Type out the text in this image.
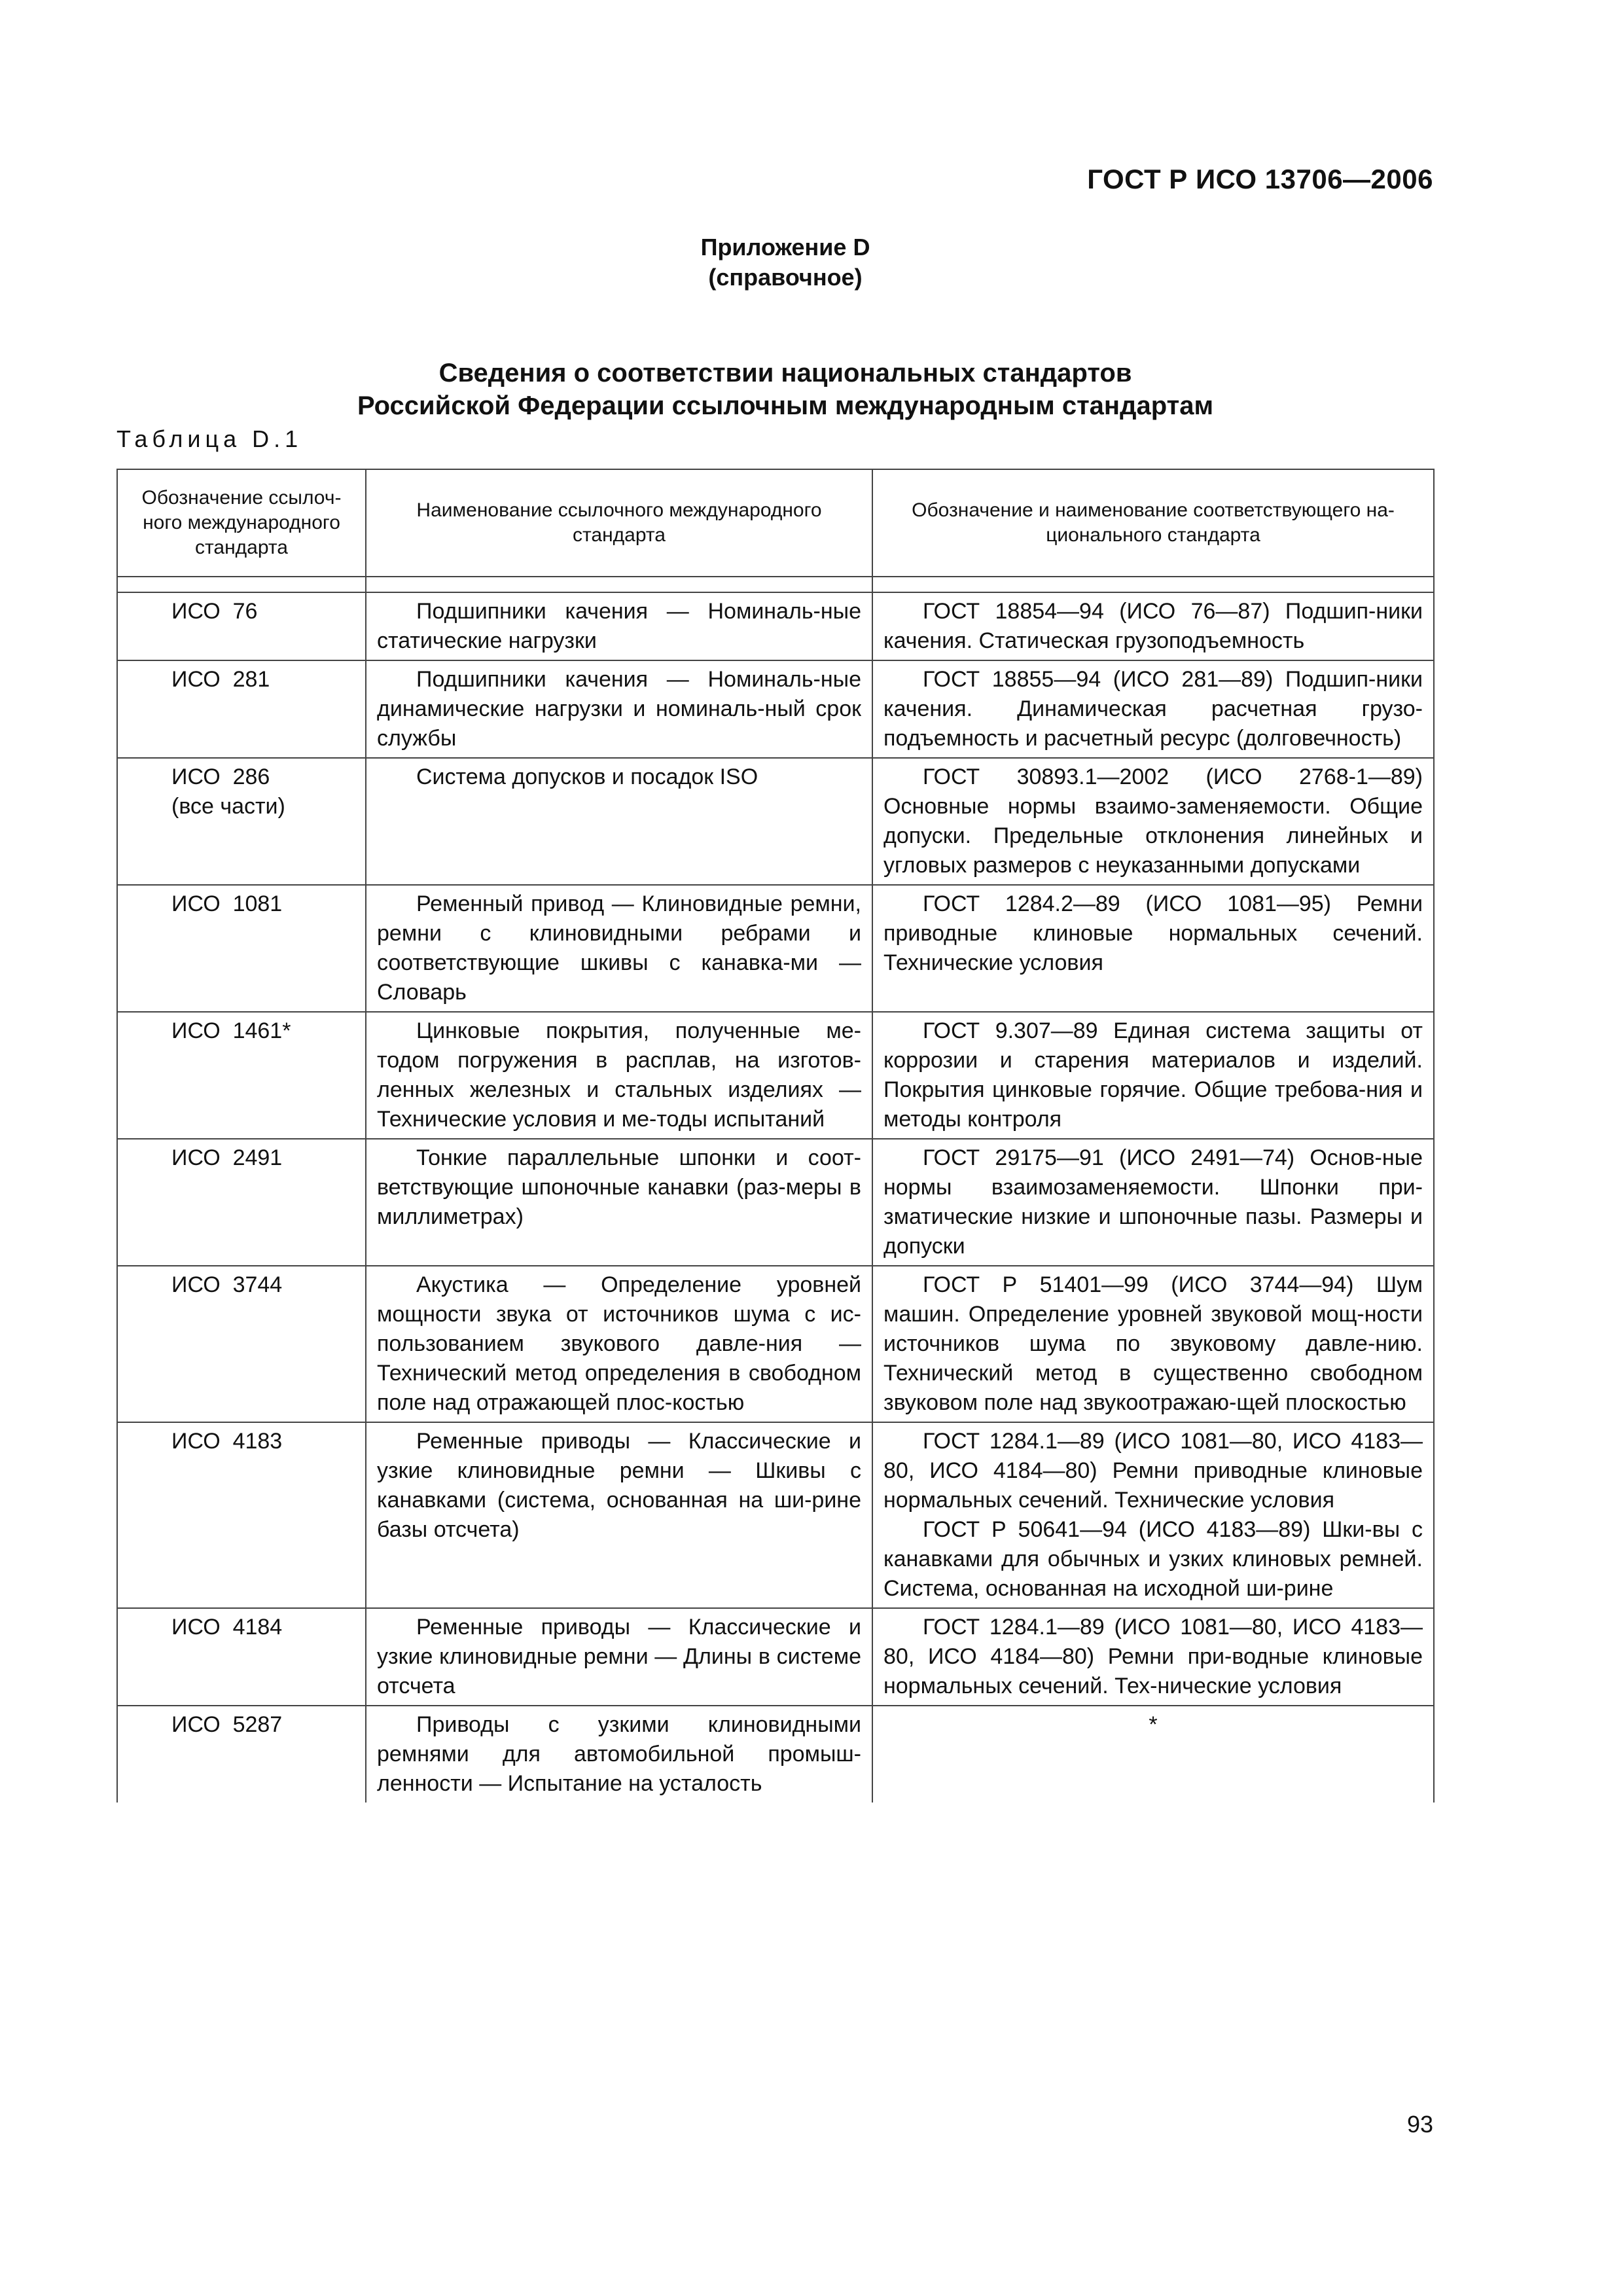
ГОСТ Р ИСО 13706—2006
Приложение D
(справочное)
Сведения о соответствии национальных стандартов
Российской Федерации ссылочным международным стандартам
Таблица D.1
Обозначение ссылоч-ного международного стандарта	Наименование ссылочного международного стандарта	Обозначение и наименование соответствующего на-ционального стандарта

ИСО  76	Подшипники качения — Номиналь-ные статические нагрузки	ГОСТ 18854—94 (ИСО 76—87) Подшип-ники качения. Статическая грузоподъемность

ИСО  281	Подшипники качения — Номиналь-ные динамические нагрузки и номиналь-ный срок службы	ГОСТ 18855—94 (ИСО 281—89) Подшип-ники качения. Динамическая расчетная грузо-подъемность и расчетный ресурс (долговечность)

ИСО  286
(все части)	Система допусков и посадок ISO	ГОСТ 30893.1—2002 (ИСО 2768-1—89) Основные нормы взаимо-заменяемости. Общие допуски. Предельные отклонения линейных и угловых размеров с неуказанными допусками

ИСО  1081	Ременный привод — Клиновидные ремни, ремни с клиновидными ребрами и соответствующие шкивы с канавка-ми — Словарь	ГОСТ 1284.2—89 (ИСО 1081—95) Ремни приводные клиновые нормальных сечений. Технические условия

ИСО  1461*	Цинковые покрытия, полученные ме-тодом погружения в расплав, на изготов-ленных железных и стальных изделиях — Технические условия и ме-тоды испытаний	ГОСТ 9.307—89 Единая система защиты от коррозии и старения материалов и изделий. Покрытия цинковые горячие. Общие требова-ния и методы контроля

ИСО  2491	Тонкие параллельные шпонки и соот-ветствующие шпоночные канавки (раз-меры в миллиметрах)	ГОСТ 29175—91 (ИСО 2491—74) Основ-ные нормы взаимозаменяемости. Шпонки при-зматические низкие и шпоночные пазы. Размеры и допуски

ИСО  3744	Акустика — Определение уровней мощности звука от источников шума с ис-пользованием звукового давле-ния — Технический метод определения в свободном поле над отражающей плос-костью	ГОСТ Р 51401—99 (ИСО 3744—94) Шум машин. Определение уровней звуковой мощ-ности источников шума по звуковому давле-нию. Технический метод в существенно свободном звуковом поле над звукоотражаю-щей плоскостью

ИСО  4183	Ременные приводы — Классические и узкие клиновидные ремни — Шкивы с канавками (система, основанная на ши-рине базы отсчета)	ГОСТ 1284.1—89 (ИСО 1081—80, ИСО 4183—80, ИСО 4184—80) Ремни приводные клиновые нормальных сечений. Технические условия
ГОСТ Р 50641—94 (ИСО 4183—89) Шки-вы с канавками для обычных и узких клиновых ремней. Система, основанная на исходной ши-рине

ИСО  4184	Ременные приводы — Классические и узкие клиновидные ремни — Длины в системе отсчета	ГОСТ 1284.1—89 (ИСО 1081—80, ИСО 4183—80, ИСО 4184—80) Ремни при-водные клиновые нормальных сечений. Тех-нические условия

ИСО  5287	Приводы с узкими клиновидными ремнями для автомобильной промыш-ленности — Испытание на усталость	*
93
